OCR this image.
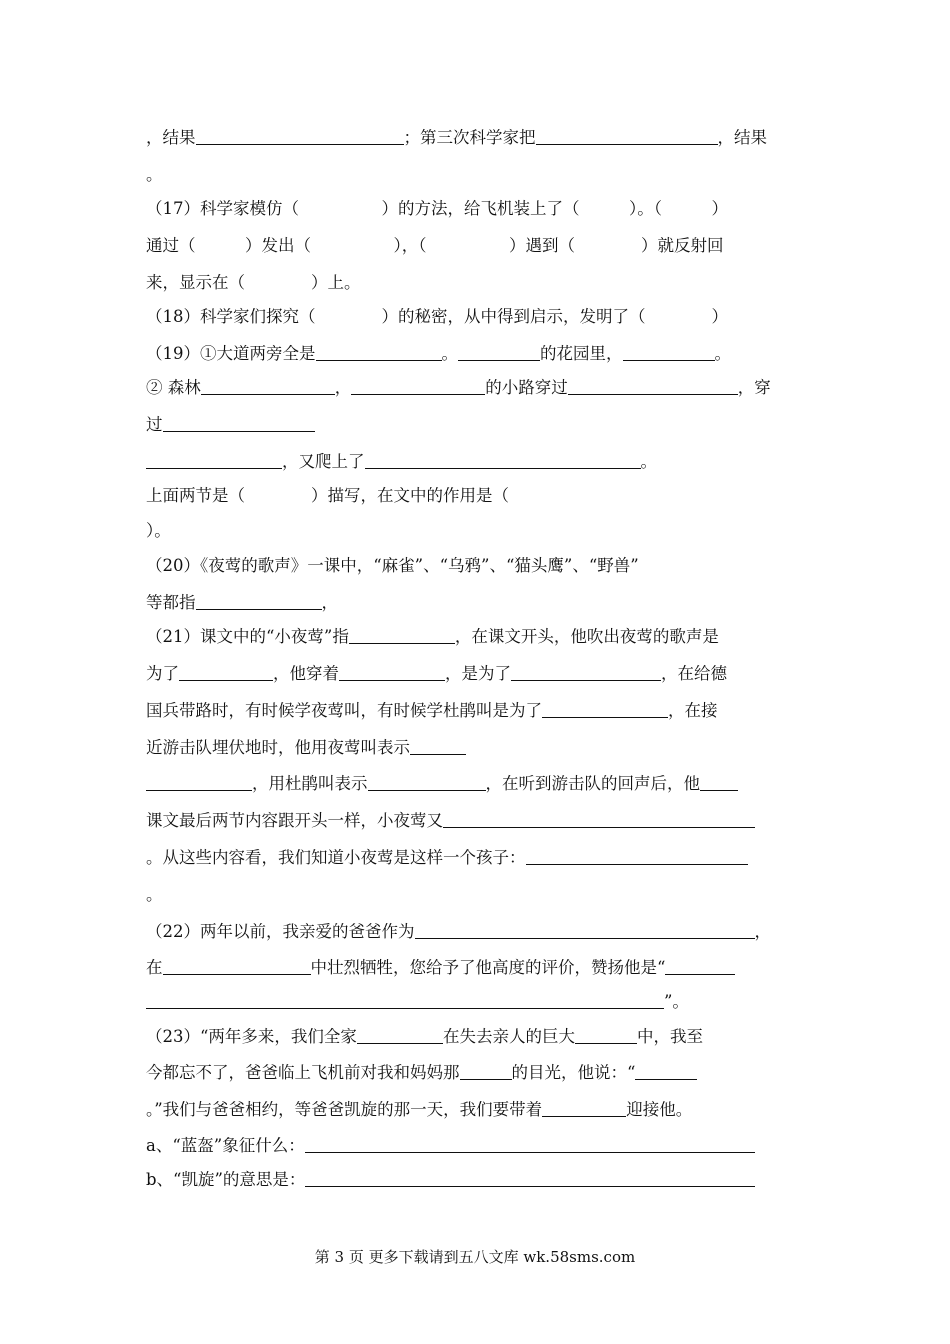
，结果	；第三次科学家把	，结果
。
（17）科学家模仿（　　　　　）的方法，给飞机装上了（　　　）。（　　　）
通过（　　　）发出（　　　　　），（　　　　　）遇到（　　　　）就反射回
来，显示在（　　　　）上。
（18）科学家们探究（　　　　）的秘密，从中得到启示，发明了（　　　　）
（19）①大道两旁全是	。	的花园里，	。
② 森林	，	的小路穿过	，穿
过
，又爬上了	。
上面两节是（　　　　）描写，在文中的作用是（
）。
（20）《夜莺的歌声》一课中，“麻雀”、“乌鸦”、“猫头鹰”、“野兽”
等都指	，
（21）课文中的“小夜莺”指	，在课文开头，他吹出夜莺的歌声是
为了	，他穿着	，是为了	，在给德
国兵带路时，有时候学夜莺叫，有时候学杜鹃叫是为了	，在接
近游击队埋伏地时，他用夜莺叫表示
，用杜鹃叫表示	，在听到游击队的回声后，他
课文最后两节内容跟开头一样，小夜莺又
。从这些内容看，我们知道小夜莺是这样一个孩子：
。
（22）两年以前，我亲爱的爸爸作为	，
在	中壮烈牺牲，您给予了他高度的评价，赞扬他是“
”。
（23）“两年多来，我们全家	在失去亲人的巨大	中，我至
今都忘不了，爸爸临上飞机前对我和妈妈那	的目光，他说：“
。”我们与爸爸相约，等爸爸凯旋的那一天，我们要带着	迎接他。
a、“蓝盔”象征什么：
b、“凯旋”的意思是：
第 3 页 更多下载请到五八文库 wk.58sms.com
